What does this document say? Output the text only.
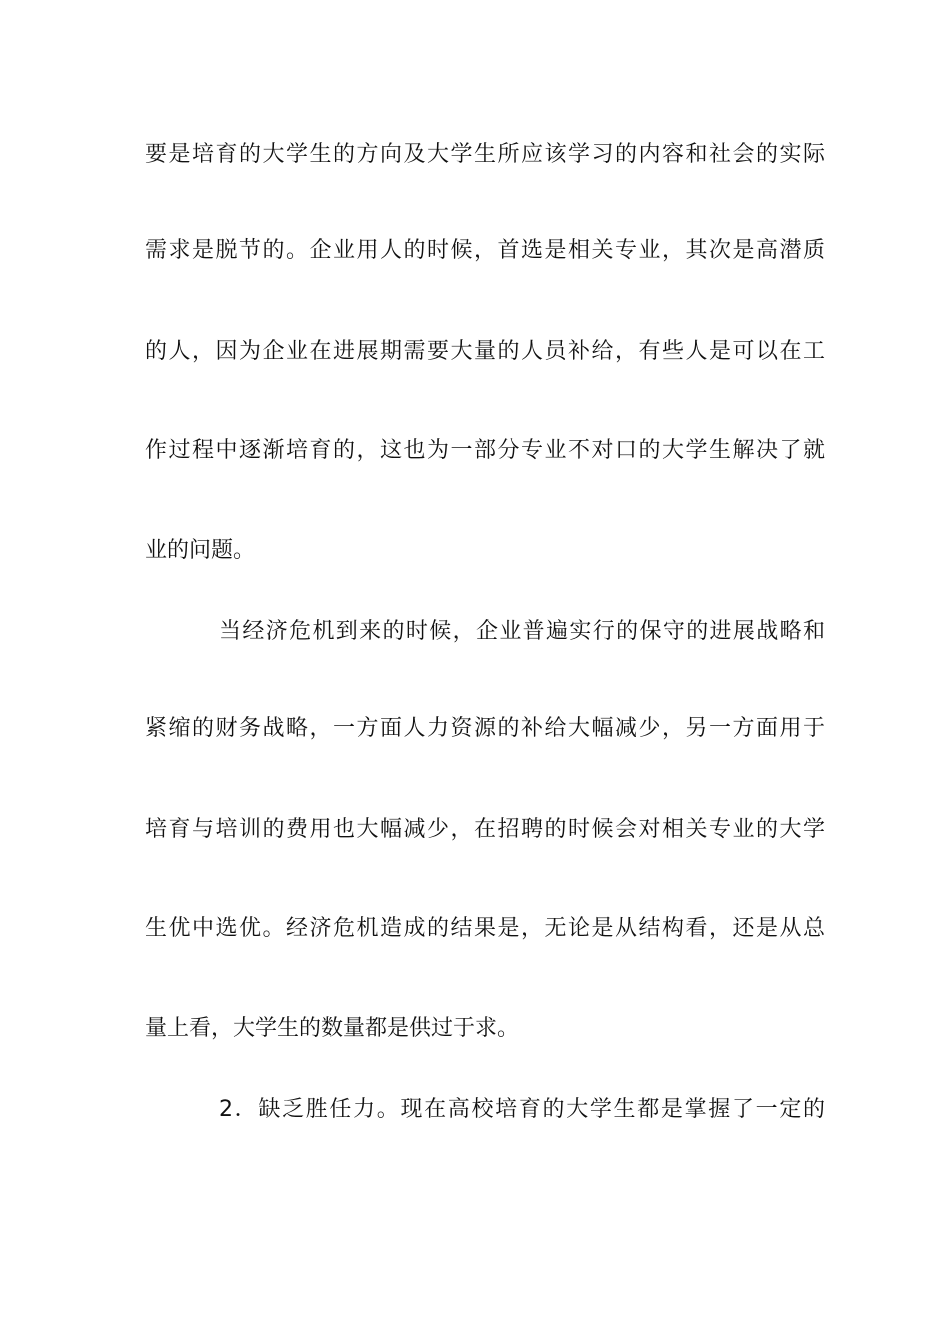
要是培育的大学生的方向及大学生所应该学习的内容和社会的实际
需求是脱节的。企业用人的时候，首选是相关专业，其次是高潜质
的人，因为企业在进展期需要大量的人员补给，有些人是可以在工
作过程中逐渐培育的，这也为一部分专业不对口的大学生解决了就
业的问题。
当经济危机到来的时候，企业普遍实行的保守的进展战略和
紧缩的财务战略，一方面人力资源的补给大幅减少，另一方面用于
培育与培训的费用也大幅减少，在招聘的时候会对相关专业的大学
生优中选优。经济危机造成的结果是，无论是从结构看，还是从总
量上看，大学生的数量都是供过于求。
2．缺乏胜任力。现在高校培育的大学生都是掌握了一定的
